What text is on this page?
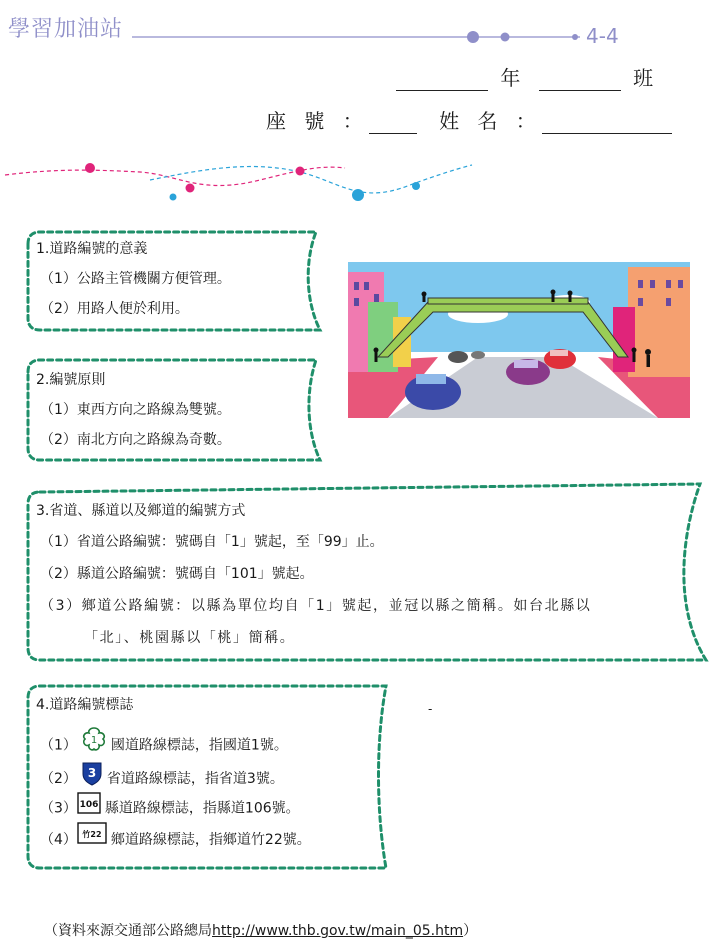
學習加油站	4-4
年	班
座 號 ：	姓 名 ：
1.道路編號的意義
（1）公路主管機關方便管理。
（2）用路人便於利用。
2.編號原則
（1）東西方向之路線為雙號。
（2）南北方向之路線為奇數。
3.省道、縣道以及鄉道的編號方式
（1）省道公路編號：號碼自「1」號起，至「99」止。
（2）縣道公路編號：號碼自「101」號起。
（3）鄉道公路編號：以縣為單位均自「1」號起，並冠以縣之簡稱。如台北縣以
「北」、桃園縣以「桃」簡稱。
-
4.道路編號標誌
（1） 1 國道路線標誌，指國道1號。
（2） 3 省道路線標誌，指省道3號。
（3） 106 縣道路線標誌，指縣道106號。
（4） 竹22 鄉道路線標誌，指鄉道竹22號。
（資料來源交通部公路總局http://www.thb.gov.tw/main_05.htm）
